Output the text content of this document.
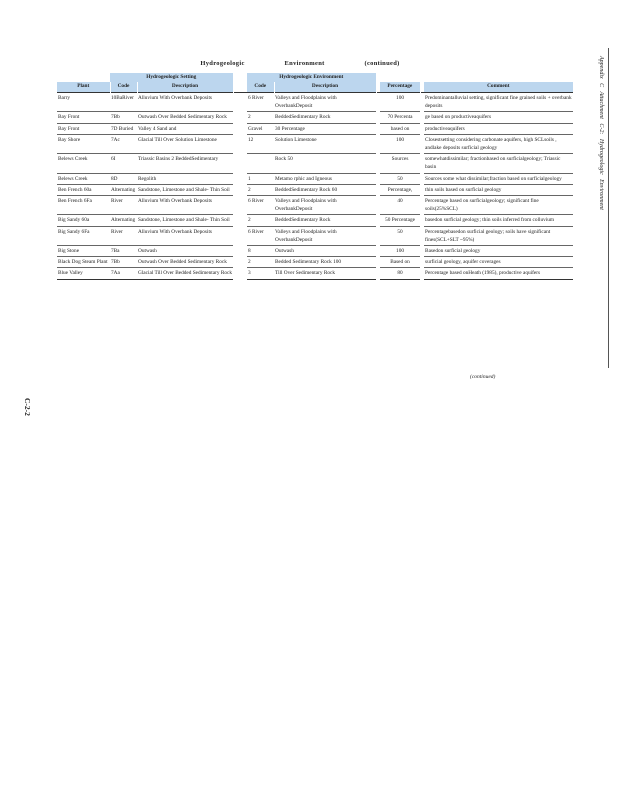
Hydrogeologic Environment (continued)
	Hydrogeologic Setting			Hydrogeologic Environment					
Plant	Code	Description		Code	Description		Percentage		Comment

Barry	10BaRiver	Alluvium With Overbank Deposits		6 River	Valleys and Floodplains with OverbankDeposit		100		Predominantalluvial setting, significant fine grained soils + overbank deposits
Bay Front	7Bb	Outwash Over Bedded Sedimentary Rock		2	BeddedSedimentary Rock		70 Percenta		ge based on productiveaquifers
Bay Front	7D Buried	Valley 4 Sand and		Gravel	30 Percentage		based on		productiveaquifers
Bay Shore	7Ac	Glacial Till Over Solution Limestone		12	Solution Limestone		100		Closestsetting considering carbonate aquifers, high SCLsoils , andlake deposits surficial geology
Belews Creek	6I	Triassic Basins 2 BeddedSedimentary			Rock 50		Sources		somewhatdissimilar; fractionbased on surficialgeology; Triassic basin
Belews Creek	8D	Regolith		1	Metamo rphic and Igneous		50		Sources some what dissimilar;fraction based on surficialgeology
Ben French 60a	Alternating	Sandstone, Limestone and Shale- Thin Soil		2	BeddedSedimentary Rock 60		Percentage,		thin soils based on surficial geology
Ben French 6Fa	River	Alluvium With Overbank Deposits		6 River	Valleys and Floodplains with OverbankDeposit		40		Percentage based on surficialgeology; significant fine soils(25%SCL)
Big Sandy 60a	Alternating	Sandstone, Limestone and Shale- Thin Soil		2	BeddedSedimentary Rock		50 Percentage		basedon surficial geology; thin soils inferred from colluvium
Big Sandy 6Fa	River	Alluvium With Overbank Deposits		6 River	Valleys and Floodplains with OverbankDeposit		50		Percentagebasedon surficial geology; soils have significant fines(SCL+SLT ~95%)
Big Stone	7Ba	Outwash		8	Outwash		100		Basedon surficial geology
Black Dog Steam Plant	7Bb	Outwash Over Bedded Sedimentary Rock		2	Bedded Sedimentary Rock 100		Based on		surficial geology, aquifer coverages
Blue Valley	7Aa	Glacial Till Over Bedded Sedimentary Rock		3	Till Over Sedimentary Rock		80		Percentage based onHeath (1985), productive aquifers
(continued)
Appendix C Attachment C-2: Hydrogeologic Environment
C-2-2
